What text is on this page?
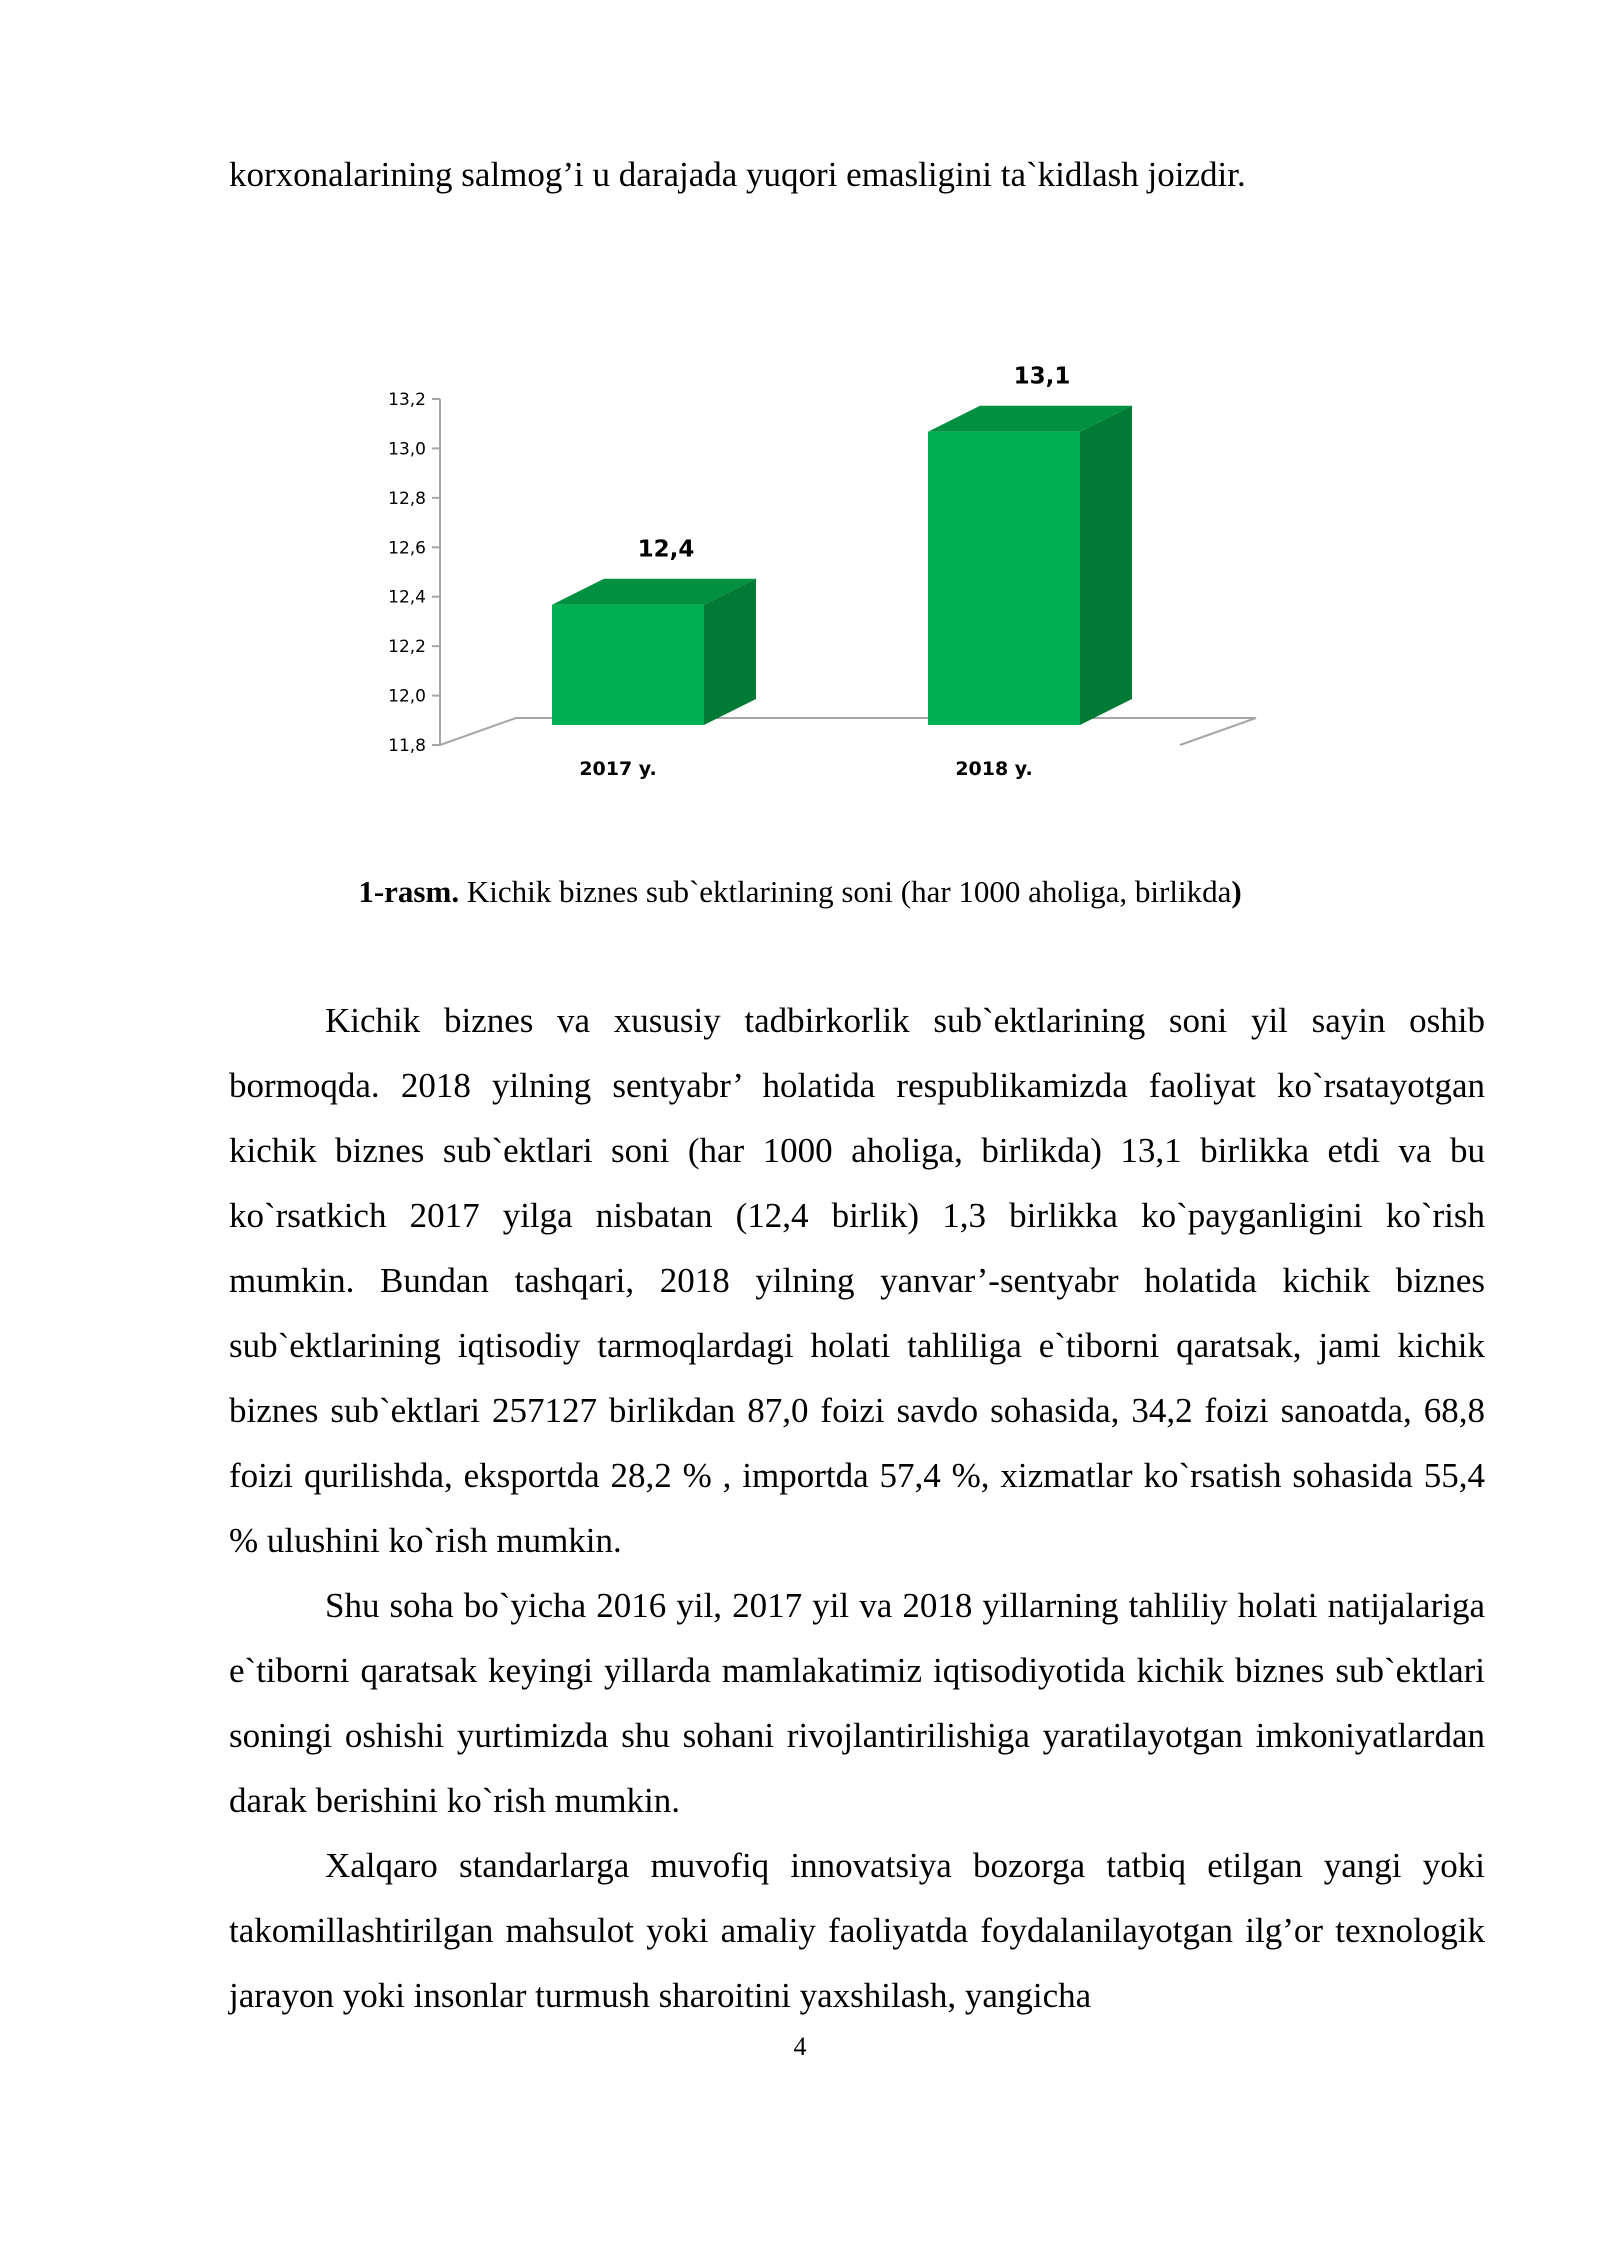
korxonalarining salmog’i u darajada yuqori emasligini ta`kidlash joizdir.
11,8
12,0
12,2
12,4
12,6
12,8
13,0
13,2
12,4
2017 y.
13,1
2018 y.
1-rasm. Kichik biznes sub`ektlarining soni (har 1000 aholiga, birlikda)

Kichik biznes va xususiy tadbirkorlik sub`ektlarining soni yil sayin oshib bormoqda. 2018 yilning sentyabr’ holatida respublikamizda faoliyat ko`rsatayotgan kichik biznes sub`ektlari soni (har 1000 aholiga, birlikda) 13,1 birlikka etdi va bu ko`rsatkich 2017 yilga nisbatan (12,4 birlik) 1,3 birlikka ko`payganligini ko`rish mumkin. Bundan tashqari, 2018 yilning yanvar’-sentyabr holatida kichik biznes sub`ektlarining iqtisodiy tarmoqlardagi holati tahliliga e`tiborni qaratsak, jami kichik biznes sub`ektlari 257127 birlikdan 87,0 foizi savdo sohasida, 34,2 foizi sanoatda, 68,8 foizi qurilishda, eksportda 28,2 % , importda 57,4 %, xizmatlar ko`rsatish sohasida 55,4 % ulushini ko`rish mumkin.

Shu soha bo`yicha 2016 yil, 2017 yil va 2018 yillarning tahliliy holati natijalariga e`tiborni qaratsak keyingi yillarda mamlakatimiz iqtisodiyotida kichik biznes sub`ektlari soningi oshishi yurtimizda shu sohani rivojlantirilishiga yaratilayotgan imkoniyatlardan darak berishini ko`rish mumkin.

Xalqaro standarlarga muvofiq innovatsiya bozorga tatbiq etilgan yangi yoki takomillashtirilgan mahsulot yoki amaliy faoliyatda foydalanilayotgan ilg’or texnologik jarayon yoki insonlar turmush sharoitini yaxshilash, yangicha

4
